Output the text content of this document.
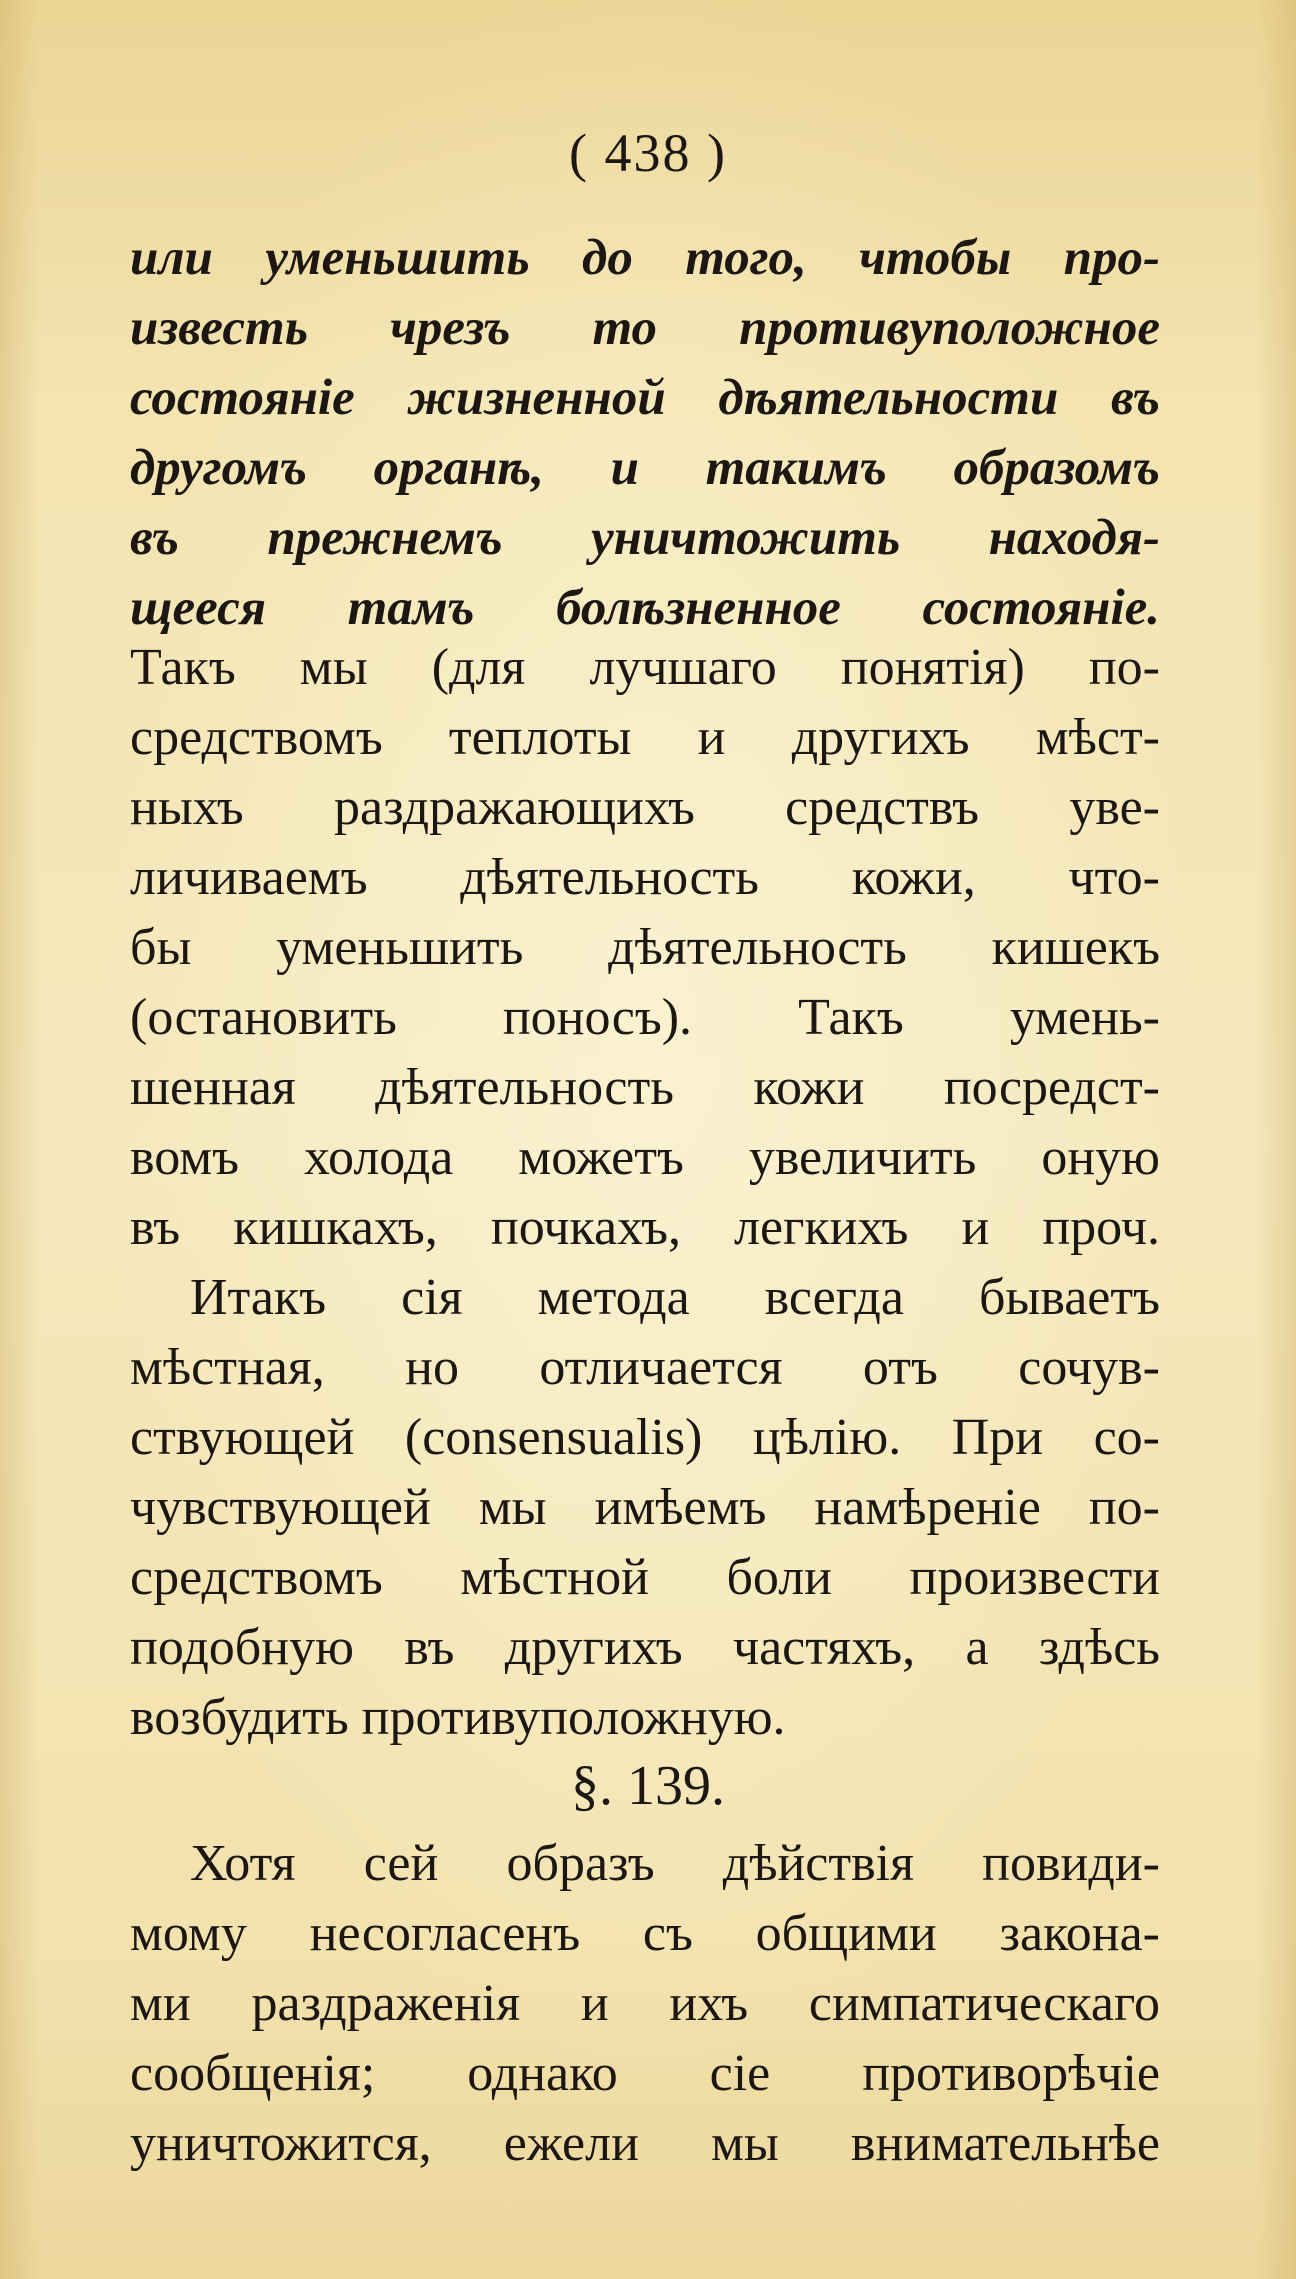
( 438 )
или уменьшить до того, чтобы про-
известь чрезъ то противуположное
состоянiе жизненной дѣятельности въ
другомъ органѣ, и такимъ образомъ
въ прежнемъ уничтожить находя-
щееся тамъ болѣзненное состоянiе.
Такъ мы (для лучшаго понятiя) по-
средствомъ теплоты и другихъ мѣст-
ныхъ раздражающихъ средствъ уве-
личиваемъ дѣятельность кожи, что-
бы уменьшить дѣятельность кишекъ
(остановить поносъ). Такъ умень-
шенная дѣятельность кожи посредст-
вомъ холода можетъ увеличить оную
въ кишкахъ, почкахъ, легкихъ и проч.
Итакъ сiя метода всегда бываетъ
мѣстная, но отличается отъ сочув-
ствующей (consensualis) цѣлiю. При со-
чувствующей мы имѣемъ намѣренiе по-
средствомъ мѣстной боли произвести
подобную въ другихъ частяхъ, а здѣсь
возбудить противуположную.
§. 139.
Хотя сей образъ дѣйствiя повиди-
мому несогласенъ съ общими закона-
ми раздраженiя и ихъ симпатическаго
сообщенiя; однако сiе противорѣчiе
уничтожится, ежели мы внимательнѣе
